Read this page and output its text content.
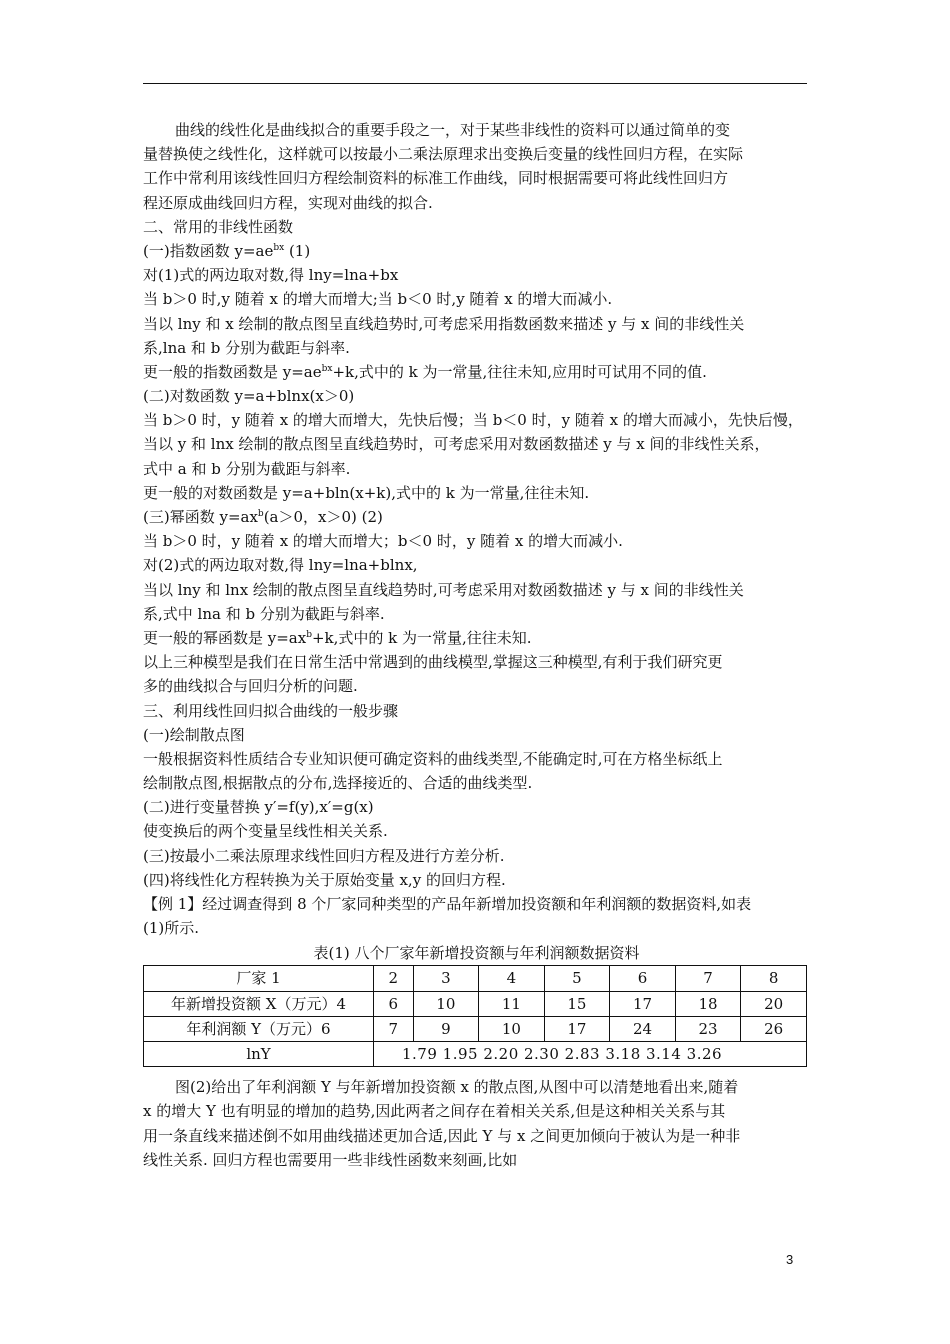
曲线的线性化是曲线拟合的重要手段之一，对于某些非线性的资料可以通过简单的变
量替换使之线性化，这样就可以按最小二乘法原理求出变换后变量的线性回归方程，在实际
工作中常利用该线性回归方程绘制资料的标准工作曲线，同时根据需要可将此线性回归方
程还原成曲线回归方程，实现对曲线的拟合.
二、常用的非线性函数
(一)指数函数 $y=ae^{bx}$ (1)
对(1)式的两边取对数,得 lny=lna+bx
当 b＞0 时,y 随着 x 的增大而增大;当 b＜0 时,y 随着 x 的增大而减小.
当以 lny 和 x 绘制的散点图呈直线趋势时,可考虑采用指数函数来描述 y 与 x 间的非线性关
系,lna 和 b 分别为截距与斜率.
更一般的指数函数是 $y=ae^{bx}+k$,式中的 k 为一常量,往往未知,应用时可试用不同的值.
(二)对数函数 y=a+blnx(x＞0)
当 b＞0 时，y 随着 x 的增大而增大，先快后慢；当 b＜0 时，y 随着 x 的增大而减小，先快后慢，
当以 y 和 lnx 绘制的散点图呈直线趋势时，可考虑采用对数函数描述 y 与 x 间的非线性关系，
式中 a 和 b 分别为截距与斜率.
更一般的对数函数是 y=a+bln(x+k),式中的 k 为一常量,往往未知.
(三)幂函数 $y=ax^b(a>0$，x＞0) (2)
当 b＞0 时，y 随着 x 的增大而增大；b＜0 时，y 随着 x 的增大而减小.
对(2)式的两边取对数,得 lny=lna+blnx,
当以 lny 和 lnx 绘制的散点图呈直线趋势时,可考虑采用对数函数描述 y 与 x 间的非线性关
系,式中 lna 和 b 分别为截距与斜率.
更一般的幂函数是 $y=ax^b+k$,式中的 k 为一常量,往往未知.
以上三种模型是我们在日常生活中常遇到的曲线模型,掌握这三种模型,有利于我们研究更
多的曲线拟合与回归分析的问题.
三、利用线性回归拟合曲线的一般步骤
(一)绘制散点图
一般根据资料性质结合专业知识便可确定资料的曲线类型,不能确定时,可在方格坐标纸上
绘制散点图,根据散点的分布,选择接近的、合适的曲线类型.
(二)进行变量替换 y′=f(y),x′=g(x)
使变换后的两个变量呈线性相关关系.
(三)按最小二乘法原理求线性回归方程及进行方差分析.
(四)将线性化方程转换为关于原始变量 x,y 的回归方程.
【例 1】经过调查得到 8 个厂家同种类型的产品年新增加投资额和年利润额的数据资料,如表
(1)所示.
表(1) 八个厂家年新增投资额与年利润额数据资料
厂家 1	2	3	4	5	6	7	8
年新增投资额 X（万元）4	6	10	11	15	17	18	20
年利润额 Y（万元）6	7	9	10	17	24	23	26
lnY	1.79 1.95 2.20 2.30 2.83 3.18 3.14 3.26						
图(2)给出了年利润额 Y 与年新增加投资额 x 的散点图,从图中可以清楚地看出来,随着
x 的增大 Y 也有明显的增加的趋势,因此两者之间存在着相关关系,但是这种相关关系与其
用一条直线来描述倒不如用曲线描述更加合适,因此 Y 与 x 之间更加倾向于被认为是一种非
线性关系. 回归方程也需要用一些非线性函数来刻画,比如
3
